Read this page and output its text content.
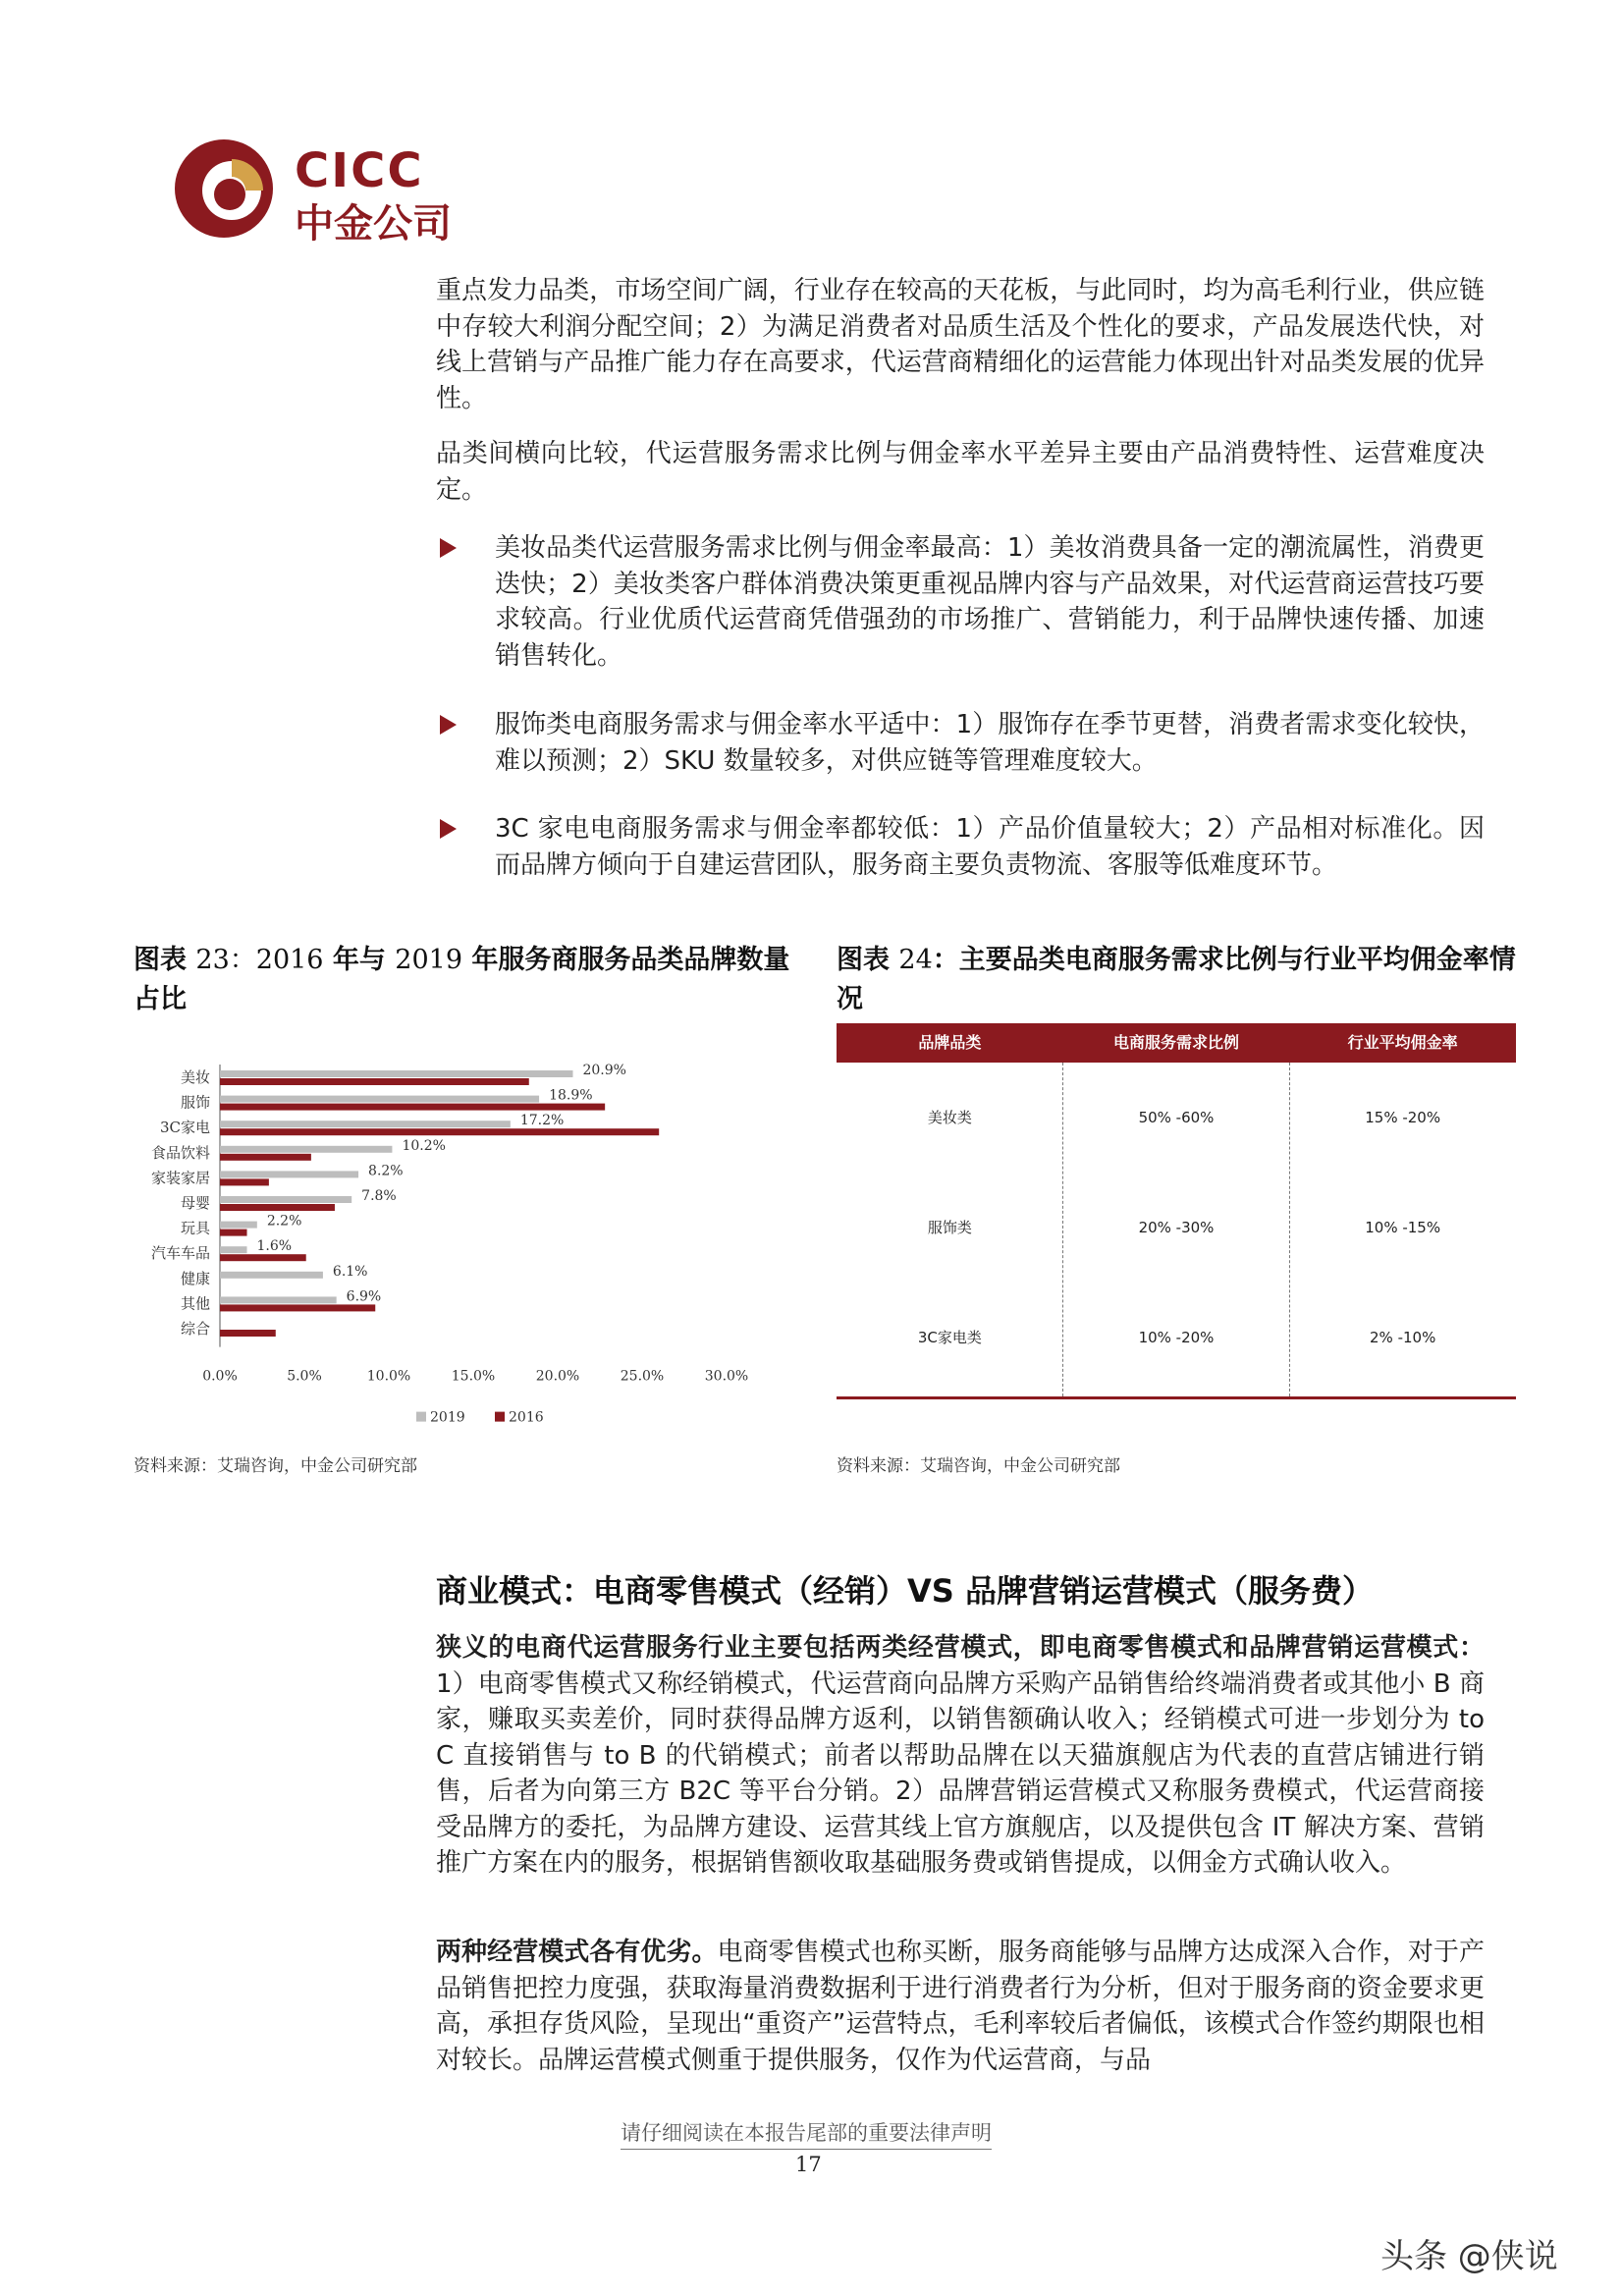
CICC
中金公司

重点发力品类，市场空间广阔，行业存在较高的天花板，与此同时，均为高毛利行业，供应链中存较大利润分配空间；2）为满足消费者对品质生活及个性化的要求，产品发展迭代快，对线上营销与产品推广能力存在高要求，代运营商精细化的运营能力体现出针对品类发展的优异性。

品类间横向比较，代运营服务需求比例与佣金率水平差异主要由产品消费特性、运营难度决定。

美妆品类代运营服务需求比例与佣金率最高：1）美妆消费具备一定的潮流属性，消费更迭快；2）美妆类客户群体消费决策更重视品牌内容与产品效果，对代运营商运营技巧要求较高。行业优质代运营商凭借强劲的市场推广、营销能力，利于品牌快速传播、加速销售转化。
服饰类电商服务需求与佣金率水平适中：1）服饰存在季节更替，消费者需求变化较快，难以预测；2）SKU 数量较多，对供应链等管理难度较大。
3C 家电电商服务需求与佣金率都较低：1）产品价值量较大；2）产品相对标准化。因而品牌方倾向于自建运营团队，服务商主要负责物流、客服等低难度环节。
图表 23：2016 年与 2019 年服务商服务品类品牌数量占比
美妆	20.9%
服饰	18.9%
3C家电	17.2%
食品饮料	10.2%
家装家居	8.2%
母婴	7.8%
玩具	2.2%
汽车车品	1.6%
健康	6.1%
其他	6.9%
综合
0.0%	5.0%	10.0%	15.0%	20.0%	25.0%	30.0%
2019	2016
资料来源：艾瑞咨询，中金公司研究部
图表 24：主要品类电商服务需求比例与行业平均佣金率情况
品牌品类	电商服务需求比例	行业平均佣金率
美妆类	50% -60%	15% -20%
服饰类	20% -30%	10% -15%
3C家电类	10% -20%	2% -10%
资料来源：艾瑞咨询，中金公司研究部
商业模式：电商零售模式（经销）VS 品牌营销运营模式（服务费）

狭义的电商代运营服务行业主要包括两类经营模式，即电商零售模式和品牌营销运营模式：1）电商零售模式又称经销模式，代运营商向品牌方采购产品销售给终端消费者或其他小 B 商家，赚取买卖差价，同时获得品牌方返利，以销售额确认收入；经销模式可进一步划分为 to C 直接销售与 to B 的代销模式；前者以帮助品牌在以天猫旗舰店为代表的直营店铺进行销售，后者为向第三方 B2C 等平台分销。2）品牌营销运营模式又称服务费模式，代运营商接受品牌方的委托，为品牌方建设、运营其线上官方旗舰店，以及提供包含 IT 解决方案、营销推广方案在内的服务，根据销售额收取基础服务费或销售提成，以佣金方式确认收入。

两种经营模式各有优劣。电商零售模式也称买断，服务商能够与品牌方达成深入合作，对于产品销售把控力度强，获取海量消费数据利于进行消费者行为分析，但对于服务商的资金要求更高，承担存货风险，呈现出“重资产”运营特点，毛利率较后者偏低，该模式合作签约期限也相对较长。品牌运营模式侧重于提供服务，仅作为代运营商，与品

请仔细阅读在本报告尾部的重要法律声明
17
头条 @侠说
